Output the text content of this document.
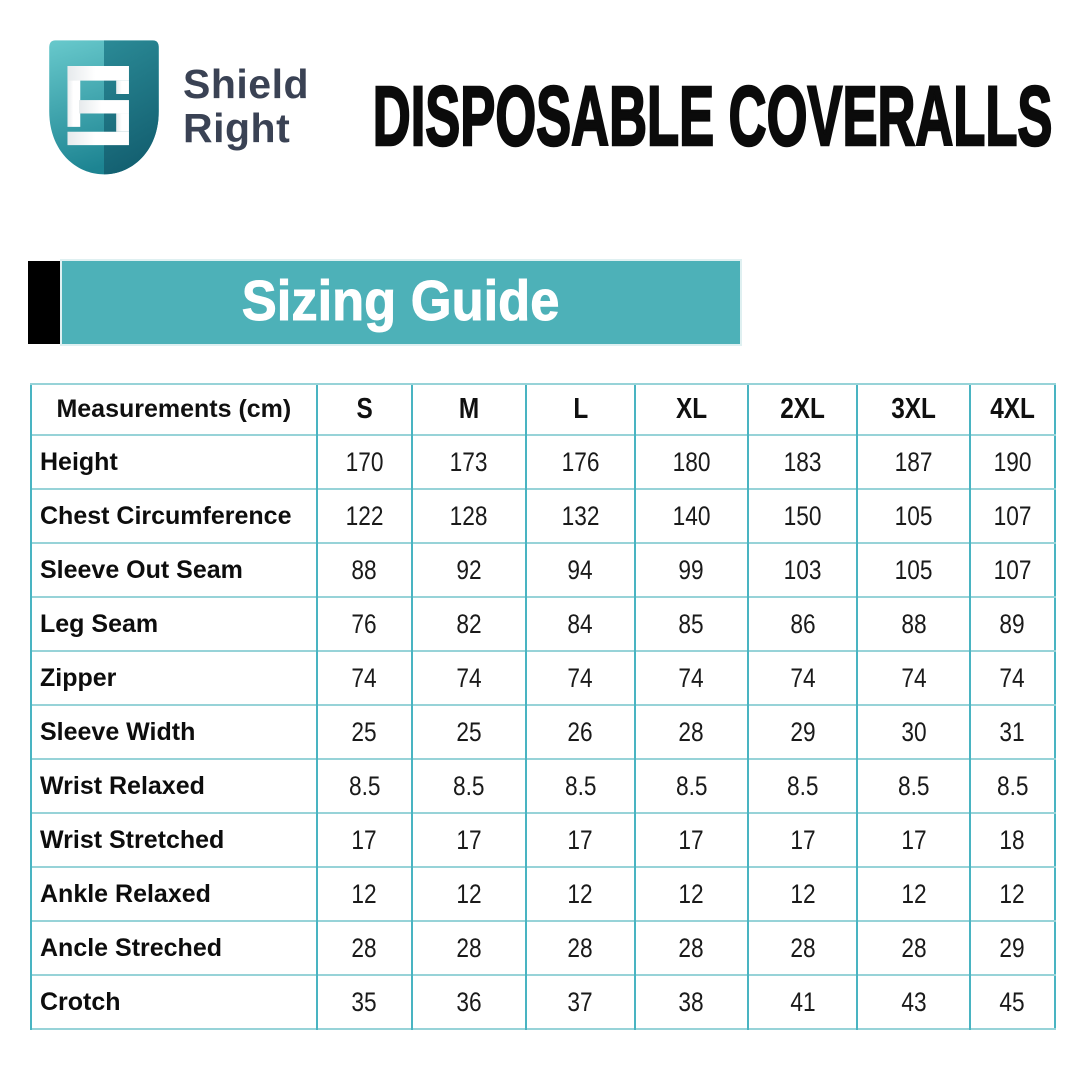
Shield
Right DISPOSABLE COVERALLS
Sizing Guide
Measurements (cm)	S	M	L	XL	2XL	3XL	4XL
Height	170	173	176	180	183	187	190
Chest Circumference	122	128	132	140	150	105	107
Sleeve Out Seam	88	92	94	99	103	105	107
Leg Seam	76	82	84	85	86	88	89
Zipper	74	74	74	74	74	74	74
Sleeve Width	25	25	26	28	29	30	31
Wrist Relaxed	8.5	8.5	8.5	8.5	8.5	8.5	8.5
Wrist Stretched	17	17	17	17	17	17	18
Ankle Relaxed	12	12	12	12	12	12	12
Ancle Streched	28	28	28	28	28	28	29
Crotch	35	36	37	38	41	43	45
